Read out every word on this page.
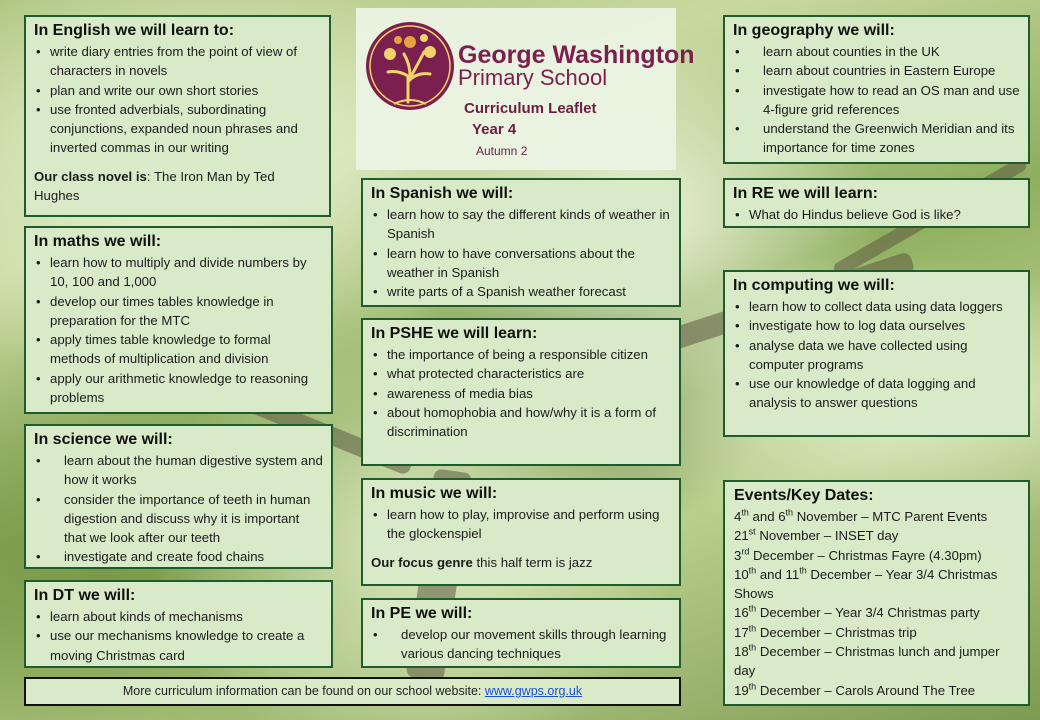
In English we will learn to:
• write diary entries from the point of view of characters in novels
• plan and write our own short stories
• use fronted adverbials, subordinating conjunctions, expanded noun phrases and inverted commas in our writing
Our class novel is: The Iron Man by Ted Hughes
In maths we will:
• learn how to multiply and divide numbers by 10, 100 and 1,000
• develop our times tables knowledge in preparation for the MTC
• apply times table knowledge to formal methods of multiplication and division
• apply our arithmetic knowledge to reasoning problems
In science we will:
• learn about the human digestive system and how it works
• consider the importance of teeth in human digestion and discuss why it is important that we look after our teeth
• investigate and create food chains
In DT we will:
• learn about kinds of mechanisms
• use our mechanisms knowledge to create a moving Christmas card
George Washington
Primary School
Curriculum Leaflet
Year 4
Autumn 2
In Spanish we will:
• learn how to say the different kinds of weather in Spanish
• learn how to have conversations about the weather in Spanish
• write parts of a Spanish weather forecast
In PSHE we will learn:
• the importance of being a responsible citizen
• what protected characteristics are
• awareness of media bias
• about homophobia and how/why it is a form of discrimination
In music we will:
• learn how to play, improvise and perform using the glockenspiel
Our focus genre this half term is jazz
In PE we will:
• develop our movement skills through learning various dancing techniques
In geography we will:
• learn about counties in the UK
• learn about countries in Eastern Europe
• investigate how to read an OS man and use 4-figure grid references
• understand the Greenwich Meridian and its importance for time zones
In RE we will learn:
• What do Hindus believe God is like?
In computing we will:
• learn how to collect data using data loggers
• investigate how to log data ourselves
• analyse data we have collected using computer programs
• use our knowledge of data logging and analysis to answer questions
Events/Key Dates:

4th and 6th November – MTC Parent Events

21st November – INSET day

3rd December – Christmas Fayre (4.30pm)

10th and 11th December – Year 3/4 Christmas Shows

16th December – Year 3/4 Christmas party

17th December – Christmas trip

18th December – Christmas lunch and jumper day

19th December – Carols Around The Tree

More curriculum information can be found on our school website: www.gwps.org.uk
